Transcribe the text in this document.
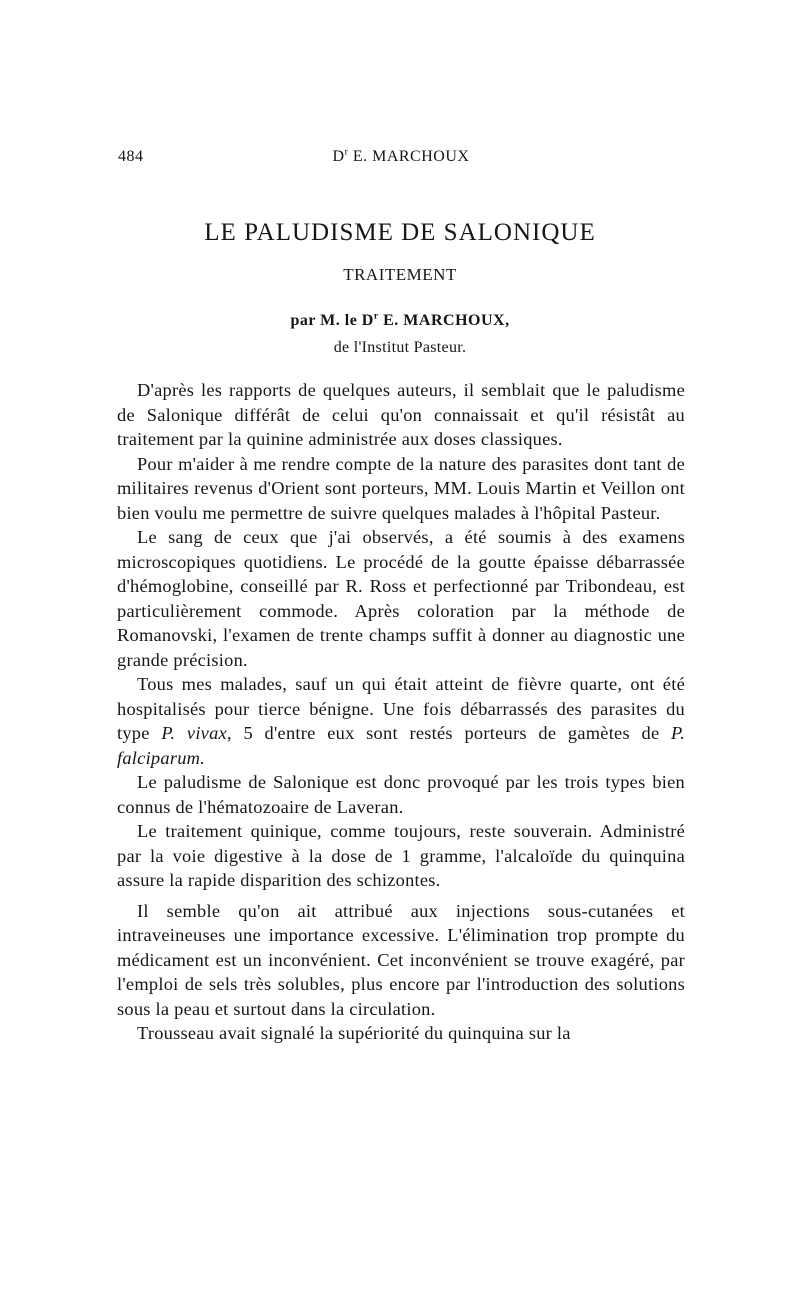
484	$D^r$ E. MARCHOUX
LE PALUDISME DE SALONIQUE
TRAITEMENT
par M. le $D^r$ E. MARCHOUX,
de l'Institut Pasteur.

D'après les rapports de quelques auteurs, il semblait que le paludisme de Salonique différât de celui qu'on connaissait et qu'il résistât au traitement par la quinine administrée aux doses classiques.

Pour m'aider à me rendre compte de la nature des parasites dont tant de militaires revenus d'Orient sont porteurs, MM. Louis Martin et Veillon ont bien voulu me permettre de suivre quelques malades à l'hôpital Pasteur.

Le sang de ceux que j'ai observés, a été soumis à des examens microscopiques quotidiens. Le procédé de la goutte épaisse débarrassée d'hémoglobine, conseillé par R. Ross et perfectionné par Tribondeau, est particulièrement commode. Après coloration par la méthode de Romanovski, l'examen de trente champs suffit à donner au diagnostic une grande précision.

Tous mes malades, sauf un qui était atteint de fièvre quarte, ont été hospitalisés pour tierce bénigne. Une fois débarrassés des parasites du type P. vivax, 5 d'entre eux sont restés porteurs de gamètes de P. falciparum.

Le paludisme de Salonique est donc provoqué par les trois types bien connus de l'hématozoaire de Laveran.

Le traitement quinique, comme toujours, reste souverain. Administré par la voie digestive à la dose de 1 gramme, l'alcaloïde du quinquina assure la rapide disparition des schizontes.

Il semble qu'on ait attribué aux injections sous-cutanées et intraveineuses une importance excessive. L'élimination trop prompte du médicament est un inconvénient. Cet inconvénient se trouve exagéré, par l'emploi de sels très solubles, plus encore par l'introduction des solutions sous la peau et surtout dans la circulation.

Trousseau avait signalé la supériorité du quinquina sur la
